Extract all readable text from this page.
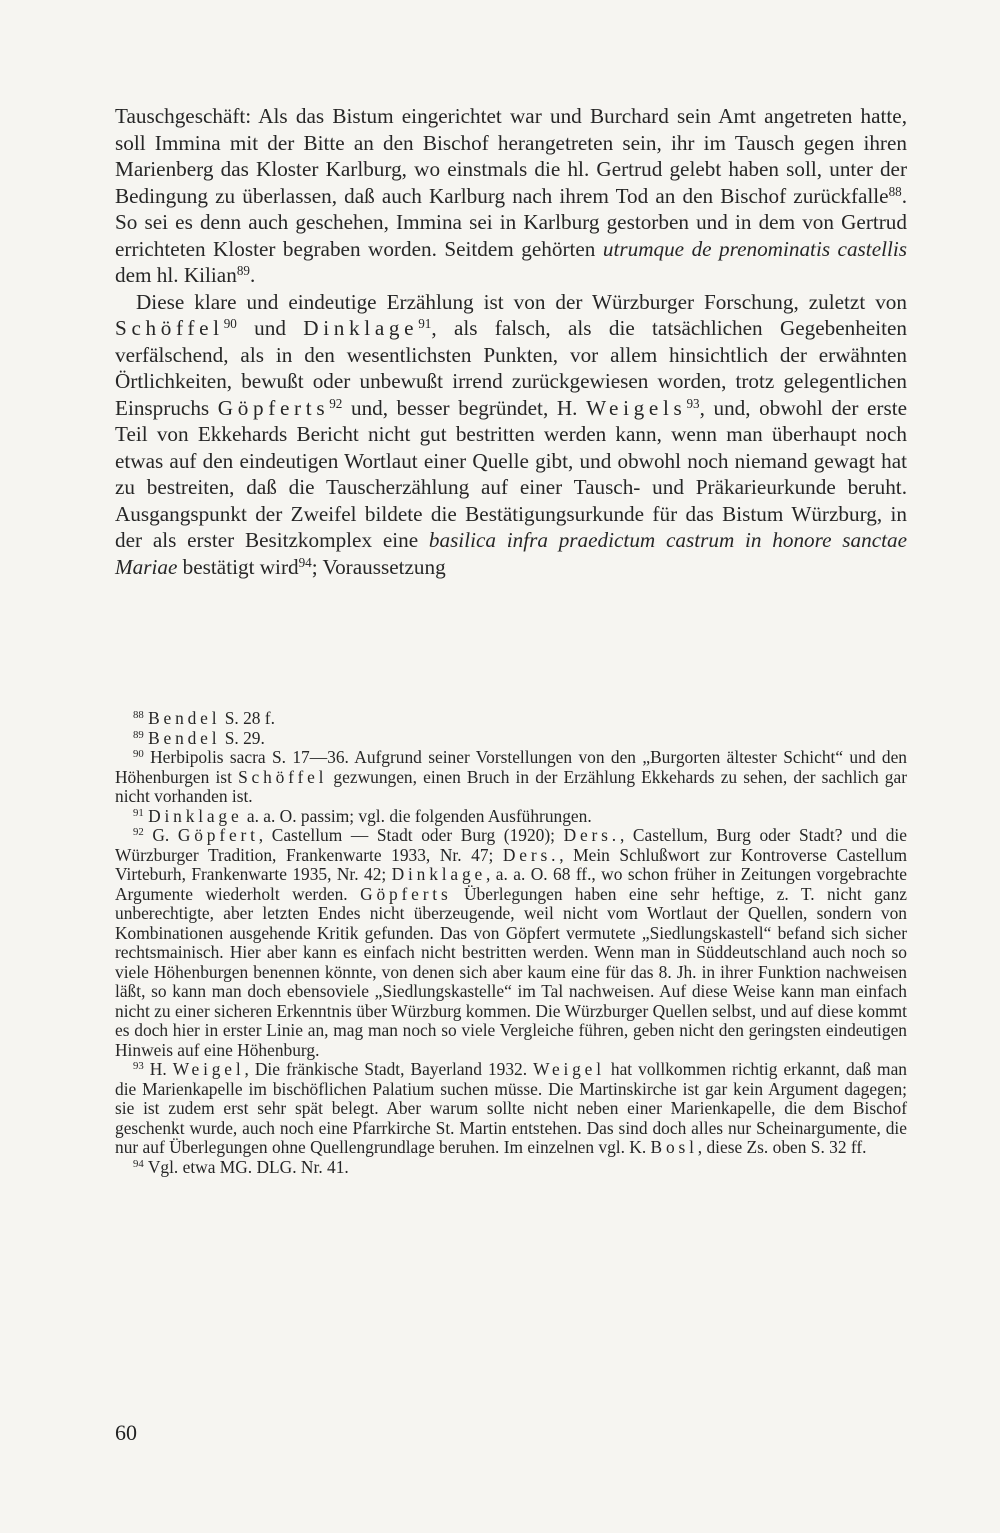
Tauschgeschäft: Als das Bistum eingerichtet war und Burchard sein Amt angetreten hatte, soll Immina mit der Bitte an den Bischof herangetreten sein, ihr im Tausch gegen ihren Marienberg das Kloster Karlburg, wo einstmals die hl. Gertrud gelebt haben soll, unter der Bedingung zu überlassen, daß auch Karlburg nach ihrem Tod an den Bischof zurückfalle$^{88}$. So sei es denn auch geschehen, Immina sei in Karlburg gestorben und in dem von Gertrud errichteten Kloster begraben worden. Seitdem gehörten utrumque de prenominatis castellis dem hl. Kilian$^{89}$.

Diese klare und eindeutige Erzählung ist von der Würzburger Forschung, zuletzt von Schöffel$^{90}$ und Dinklage$^{91}$, als falsch, als die tatsächlichen Gegebenheiten verfälschend, als in den wesentlichsten Punkten, vor allem hinsichtlich der erwähnten Örtlichkeiten, bewußt oder unbewußt irrend zurückgewiesen worden, trotz gelegentlichen Einspruchs Göpferts$^{92}$ und, besser begründet, H. Weigels$^{93}$, und, obwohl der erste Teil von Ekkehards Bericht nicht gut bestritten werden kann, wenn man überhaupt noch etwas auf den eindeutigen Wortlaut einer Quelle gibt, und obwohl noch niemand gewagt hat zu bestreiten, daß die Tauscherzählung auf einer Tausch- und Präkarieurkunde beruht. Ausgangspunkt der Zweifel bildete die Bestätigungsurkunde für das Bistum Würzburg, in der als erster Besitzkomplex eine basilica infra praedictum castrum in honore sanctae Mariae bestätigt wird$^{94}$; Voraussetzung

$^{88}$ Bendel S. 28 f.

$^{89}$ Bendel S. 29.

$^{90}$ Herbipolis sacra S. 17—36. Aufgrund seiner Vorstellungen von den „Burgorten ältester Schicht“ und den Höhenburgen ist Schöffel gezwungen, einen Bruch in der Erzählung Ekkehards zu sehen, der sachlich gar nicht vorhanden ist.

$^{91}$ Dinklage a. a. O. passim; vgl. die folgenden Ausführungen.

$^{92}$ G. Göpfert, Castellum — Stadt oder Burg (1920); Ders., Castellum, Burg oder Stadt? und die Würzburger Tradition, Frankenwarte 1933, Nr. 47; Ders., Mein Schlußwort zur Kontroverse Castellum Virteburh, Frankenwarte 1935, Nr. 42; Dinklage, a. a. O. 68 ff., wo schon früher in Zeitungen vorgebrachte Argumente wiederholt werden. Göpferts Überlegungen haben eine sehr heftige, z. T. nicht ganz unberechtigte, aber letzten Endes nicht überzeugende, weil nicht vom Wortlaut der Quellen, sondern von Kombinationen ausgehende Kritik gefunden. Das von Göpfert vermutete „Siedlungskastell“ befand sich sicher rechtsmainisch. Hier aber kann es einfach nicht bestritten werden. Wenn man in Süddeutschland auch noch so viele Höhenburgen benennen könnte, von denen sich aber kaum eine für das 8. Jh. in ihrer Funktion nachweisen läßt, so kann man doch ebensoviele „Siedlungskastelle“ im Tal nachweisen. Auf diese Weise kann man einfach nicht zu einer sicheren Erkenntnis über Würzburg kommen. Die Würzburger Quellen selbst, und auf diese kommt es doch hier in erster Linie an, mag man noch so viele Vergleiche führen, geben nicht den geringsten eindeutigen Hinweis auf eine Höhenburg.

$^{93}$ H. Weigel, Die fränkische Stadt, Bayerland 1932. Weigel hat vollkommen richtig erkannt, daß man die Marienkapelle im bischöflichen Palatium suchen müsse. Die Martinskirche ist gar kein Argument dagegen; sie ist zudem erst sehr spät belegt. Aber warum sollte nicht neben einer Marienkapelle, die dem Bischof geschenkt wurde, auch noch eine Pfarrkirche St. Martin entstehen. Das sind doch alles nur Scheinargumente, die nur auf Überlegungen ohne Quellengrundlage beruhen. Im einzelnen vgl. K. Bosl, diese Zs. oben S. 32 ff.

$^{94}$ Vgl. etwa MG. DLG. Nr. 41.

60
